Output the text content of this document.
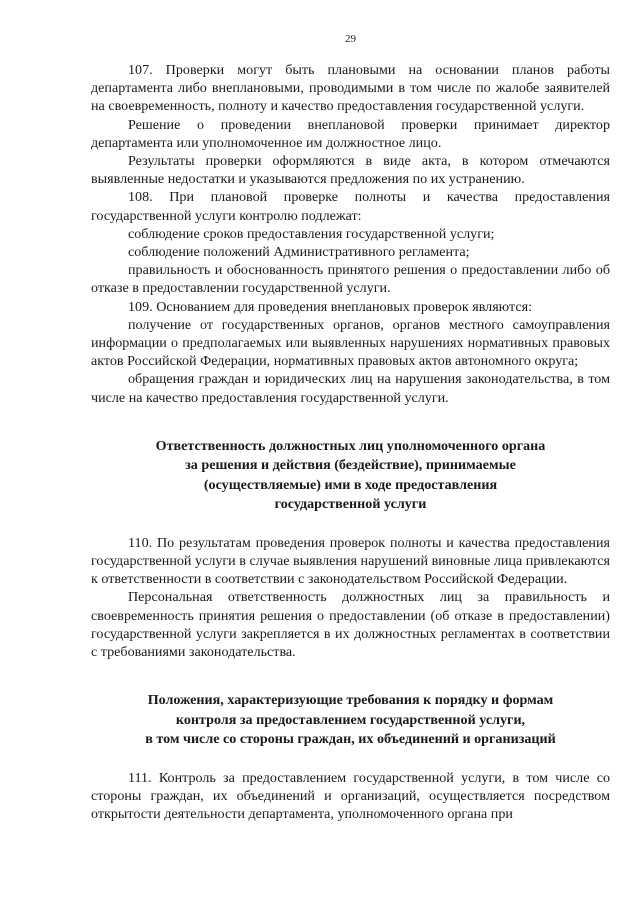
29

107. Проверки могут быть плановыми на основании планов работы департамента либо внеплановыми, проводимыми в том числе по жалобе заявителей на своевременность, полноту и качество предоставления государственной услуги.

Решение о проведении внеплановой проверки принимает директор департамента или уполномоченное им должностное лицо.

Результаты проверки оформляются в виде акта, в котором отмечаются выявленные недостатки и указываются предложения по их устранению.

108. При плановой проверке полноты и качества предоставления государственной услуги контролю подлежат:

соблюдение сроков предоставления государственной услуги;

соблюдение положений Административного регламента;

правильность и обоснованность принятого решения о предоставлении либо об отказе в предоставлении государственной услуги.

109. Основанием для проведения внеплановых проверок являются:

получение от государственных органов, органов местного самоуправления информации о предполагаемых или выявленных нарушениях нормативных правовых актов Российской Федерации, нормативных правовых актов автономного округа;

обращения граждан и юридических лиц на нарушения законодательства, в том числе на качество предоставления государственной услуги.

Ответственность должностных лиц уполномоченного органа
за решения и действия (бездействие), принимаемые
(осуществляемые) ими в ходе предоставления
государственной услуги

110. По результатам проведения проверок полноты и качества предоставления государственной услуги в случае выявления нарушений виновные лица привлекаются к ответственности в соответствии с законодательством Российской Федерации.

Персональная ответственность должностных лиц за правильность и своевременность принятия решения о предоставлении (об отказе в предоставлении) государственной услуги закрепляется в их должностных регламентах в соответствии с требованиями законодательства.

Положения, характеризующие требования к порядку и формам
контроля за предоставлением государственной услуги,
в том числе со стороны граждан, их объединений и организаций

111. Контроль за предоставлением государственной услуги, в том числе со стороны граждан, их объединений и организаций, осуществляется посредством открытости деятельности департамента, уполномоченного органа при
